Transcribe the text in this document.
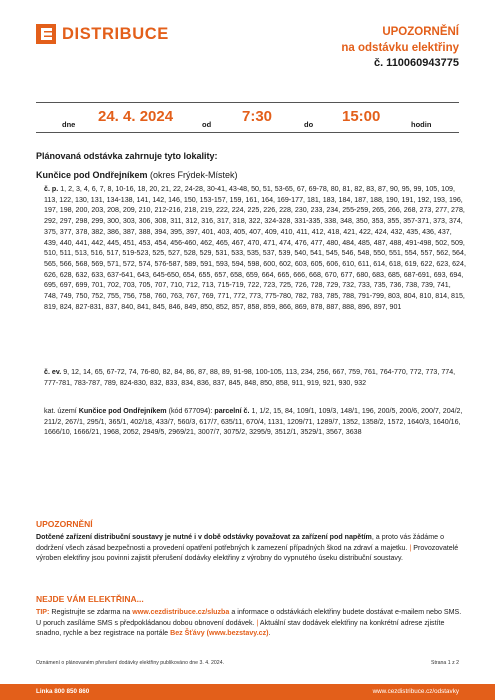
DISTRIBUCE	UPOZORNĚNÍ
na odstávku elektřiny
č. 110060943775
dne 24. 4. 2024	od 7:30	do 15:00	hodin
Plánovaná odstávka zahrnuje tyto lokality:
Kunčice pod Ondřejníkem (okres Frýdek-Místek)
č. p. 1, 2, 3, 4, 6, 7, 8, 10-16, 18, 20, 21, 22, 24-28, 30-41, 43-48, 50, 51, 53-65, 67, 69-78, 80, 81, 82, 83, 87, 90, 95, 99, 105, 109, 113, 122, 130, 131, 134-138, 141, 142, 146, 150, 153-157, 159, 161, 164, 169-177, 181, 183, 184, 187, 188, 190, 191, 192, 193, 196, 197, 198, 200, 203, 208, 209, 210, 212-216, 218, 219, 222, 224, 225, 226, 228, 230, 233, 234, 255-259, 265, 266, 268, 273, 277, 278, 292, 297, 298, 299, 300, 303, 306, 308, 311, 312, 316, 317, 318, 322, 324-328, 331-335, 338, 348, 350, 353, 355, 357-371, 373, 374, 375, 377, 378, 382, 386, 387, 388, 394, 395, 397, 401, 403, 405, 407, 409, 410, 411, 412, 418, 421, 422, 424, 432, 435, 436, 437, 439, 440, 441, 442, 445, 451, 453, 454, 456-460, 462, 465, 467, 470, 471, 474, 476, 477, 480, 484, 485, 487, 488, 491-498, 502, 509, 510, 511, 513, 516, 517, 519-523, 525, 527, 528, 529, 531, 533, 535, 537, 539, 540, 541, 545, 546, 548, 550, 551, 554, 557, 562, 564, 565, 566, 568, 569, 571, 572, 574, 576-587, 589, 591, 593, 594, 598, 600, 602, 603, 605, 606, 610, 611, 614, 618, 619, 622, 623, 624, 626, 628, 632, 633, 637-641, 643, 645-650, 654, 655, 657, 658, 659, 664, 665, 666, 668, 670, 677, 680, 683, 685, 687-691, 693, 694, 695, 697, 699, 701, 702, 703, 705, 707, 710, 712, 713, 715-719, 722, 723, 725, 726, 728, 729, 732, 733, 735, 736, 738, 739, 741, 748, 749, 750, 752, 755, 756, 758, 760, 763, 767, 769, 771, 772, 773, 775-780, 782, 783, 785, 788, 791-799, 803, 804, 810, 814, 815, 819, 824, 827-831, 837, 840, 841, 845, 846, 849, 850, 852, 857, 858, 859, 866, 869, 878, 887, 888, 896, 897, 901
č. ev. 9, 12, 14, 65, 67-72, 74, 76-80, 82, 84, 86, 87, 88, 89, 91-98, 100-105, 113, 234, 256, 667, 759, 761, 764-770, 772, 773, 774, 777-781, 783-787, 789, 824-830, 832, 833, 834, 836, 837, 845, 848, 850, 858, 911, 919, 921, 930, 932
kat. území Kunčice pod Ondřejníkem (kód 677094): parcelní č. 1, 1/2, 15, 84, 109/1, 109/3, 148/1, 196, 200/5, 200/6, 200/7, 204/2, 211/2, 267/1, 295/1, 365/1, 402/18, 433/7, 560/3, 617/7, 635/11, 670/4, 1131, 1209/71, 1289/7, 1352, 1358/2, 1572, 1640/3, 1640/16, 1666/10, 1666/21, 1968, 2052, 2949/5, 2969/21, 3007/7, 3075/2, 3295/9, 3512/1, 3529/1, 3567, 3638
UPOZORNĚNÍ
Dotčené zařízení distribuční soustavy je nutné i v době odstávky považovat za zařízení pod napětím, a proto vás žádáme o dodržení všech zásad bezpečnosti a provedení opatření potřebných k zamezení případných škod na zdraví a majetku. | Provozovatelé výroben elektřiny jsou povinni zajistit přerušení dodávky elektřiny z výrobny do vypnutého úseku distribuční soustavy.
NEJDE VÁM ELEKTŘINA...
TIP: Registrujte se zdarma na www.cezdistribuce.cz/sluzba a informace o odstávkách elektřiny budete dostávat e-mailem nebo SMS. U poruch zasíláme SMS s předpokládanou dobou obnovení dodávek. | Aktuální stav dodávek elektřiny na konkrétní adrese zjistíte snadno, rychle a bez registrace na portále Bez Šťávy (www.bezstavy.cz).
Oznámení o plánovaném přerušení dodávky elektřiny publikováno dne 3. 4. 2024.	Strana 1 z 2
Linka 800 850 860	www.cezdistribuce.cz/odstavky
